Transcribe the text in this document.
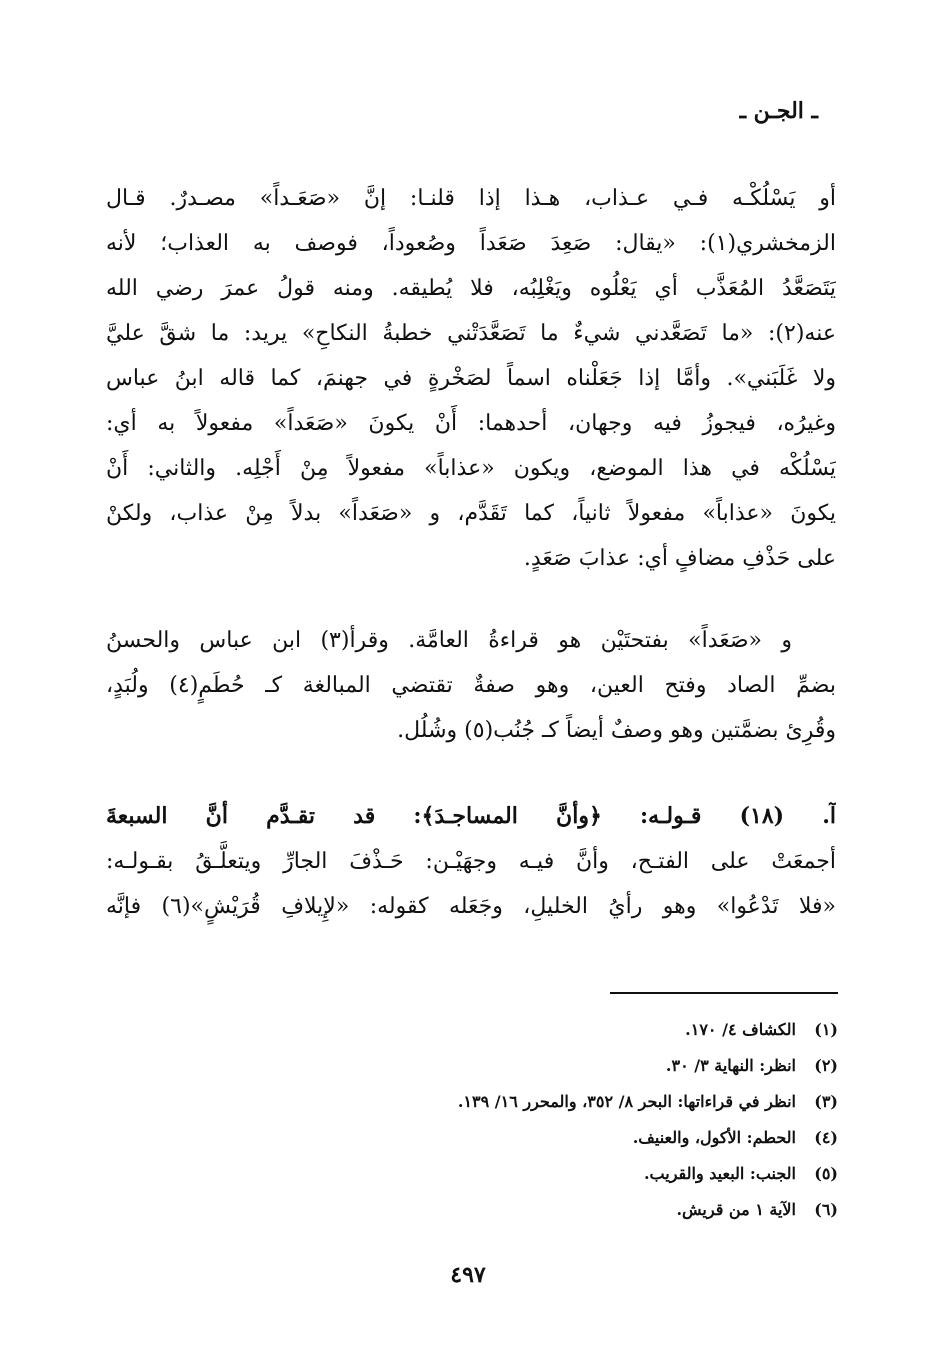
ـ الجـن ـ
أو يَسْلُكْـه فـي عـذاب، هـذا إذا قلنـا: إنَّ «صَعَـداً» مصـدرٌ. قـال
الزمخشري(١): «يقال: صَعِدَ صَعَداً وصُعوداً، فوصف به العذاب؛ لأنه
يَتَصَعَّدُ المُعَذَّب أي يَعْلُوه ويَغْلِبُه، فلا يُطيقه. ومنه قولُ عمرَ رضي الله
عنه(٢): «ما تَصَعَّدني شيءٌ ما تَصَعَّدَتْني خطبةُ النكاحِ» يريد: ما شقَّ عليَّ
ولا غَلَبَني». وأمَّا إذا جَعَلْناه اسماً لصَخْرةٍ في جهنمَ، كما قاله ابنُ عباس
وغيرُه، فيجوزُ فيه وجهان، أحدهما: أَنْ يكونَ «صَعَداً» مفعولاً به أي:
يَسْلُكْه في هذا الموضع، ويكون «عذاباً» مفعولاً مِنْ أَجْلِه. والثاني: أَنْ
يكونَ «عذاباً» مفعولاً ثانياً، كما تَقَدَّم، و «صَعَداً» بدلاً مِنْ عذاب، ولكنْ
على حَذْفِ مضافٍ أي: عذابَ صَعَدٍ.
و «صَعَداً» بفتحتَيْن هو قراءةُ العامَّة. وقرأ(٣) ابن عباس والحسنُ
بضمِّ الصاد وفتح العين، وهو صفةٌ تقتضي المبالغة كـ حُطَمٍ(٤) ولُبَدٍ،
وقُرِئ بضمَّتين وهو وصفٌ أيضاً كـ جُنُب(٥) وشُلُل.
آ. (١٨) قـولـه: ﴿وأنَّ المساجـدَ﴾: قد تقـدَّم أنَّ السبعةَ
أجمعَتْ على الفتـح، وأنَّ فيـه وجهَيْـن: حَـذْفَ الجارِّ ويتعلَّـقُ بقـولـه:
«فلا تَدْعُوا» وهو رأيُ الخليلِ، وجَعَله كقوله: «لإِيلافِ قُرَيْشٍ»(٦) فإنَّه
(١)الكشاف ٤/ ١٧٠.
(٢)انظر: النهاية ٣/ ٣٠.
(٣)انظر في قراءاتها: البحر ٨/ ٣٥٢، والمحرر ١٦/ ١٣٩.
(٤)الحطم: الأكول، والعنيف.
(٥)الجنب: البعيد والقريب.
(٦)الآية ١ من قريش.
٤٩٧
